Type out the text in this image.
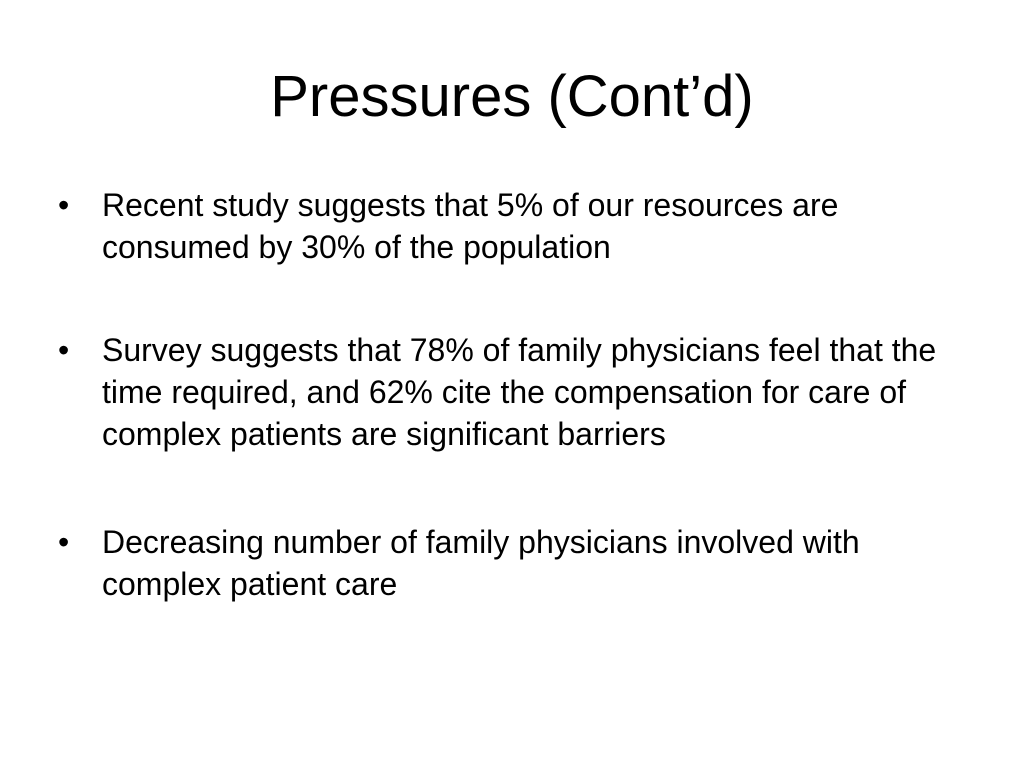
Pressures (Cont’d)
•	Recent study suggests that 5% of our resources are consumed by 30% of the population
•	Survey suggests that 78% of family physicians feel that the time required, and 62% cite the compensation for care of complex patients are significant barriers
•	Decreasing number of family physicians involved with complex patient care
